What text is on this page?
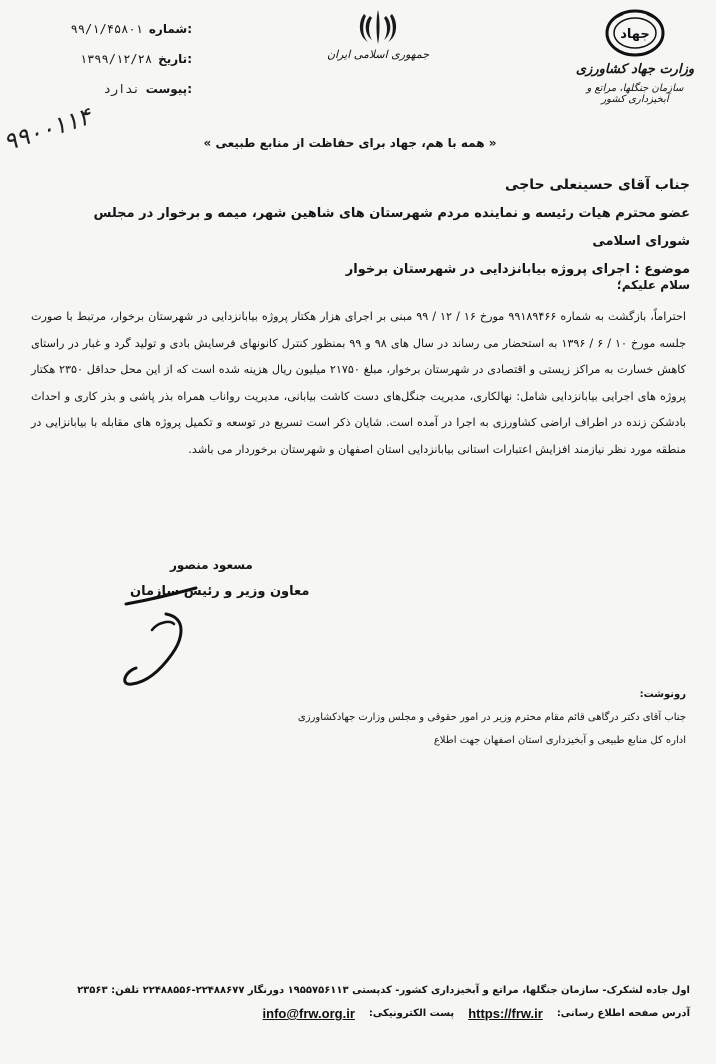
شماره:
۹۹/۱/۴۵۸۰۱
تاریخ:
۱۳۹۹/۱۲/۲۸
پیوست:
ندارد
جمهوری اسلامی ایران
جهاد
وزارت جهاد کشاورزی
سازمان جنگلها، مراتع و آبخیزداری کشور
۹۹۰۰۱۱۴	« همه با هم، جهاد برای حفاظت از منابع طبیعی »
جناب آقای حسینعلی حاجی
عضو محترم هیات رئیسه و نماینده مردم شهرستان های شاهین شهر، میمه و برخوار در مجلس شورای اسلامی
موضوع : اجرای پروژه بیابانزدایی در شهرستان برخوار
سلام علیکم؛
احتراماً، بازگشت به شماره ۹۹۱۸۹۴۶۶ مورخ ۱۶ / ۱۲ / ۹۹ مبنی بر اجرای هزار هکتار پروژه بیابانزدایی در شهرستان برخوار، مرتبط با صورت جلسه مورخ ۱۰ / ۶ / ۱۳۹۶ به استحضار می رساند در سال های ۹۸ و ۹۹ بمنظور کنترل کانونهای فرسایش بادی و تولید گرد و غبار در راستای کاهش خسارت به مراکز زیستی و اقتصادی در شهرستان برخوار، مبلغ ۲۱۷۵۰ میلیون ریال هزینه شده است که از این محل حداقل ۲۳۵۰ هکتار پروژه های اجرایی بیابانزدایی شامل: نهالکاری، مدیریت جنگل‌های دست کاشت بیابانی، مدیریت رواناب همراه بذر پاشی و بذر کاری و احداث بادشکن زنده در اطراف اراضی کشاورزی به اجرا در آمده است. شایان ذکر است تسریع در توسعه و تکمیل پروژه های مقابله با بیابانزایی در منطقه مورد نظر نیازمند افزایش اعتبارات استانی بیابانزدایی استان اصفهان و شهرستان برخوردار می باشد.
مسعود منصور
معاون وزیر و رئیس سازمان
رونوشت:
جناب آقای دکتر درگاهی قائم مقام محترم وزیر در امور حقوقی و مجلس وزارت جهادکشاورزی
اداره کل منابع طبیعی و آبخیزداری استان اصفهان جهت اطلاع
اول جاده لشکرک- سازمان جنگلها، مراتع و آبخیزداری کشور- کدپستی ۱۹۵۵۷۵۶۱۱۳ دورنگار ۲۲۴۸۸۶۷۷-۲۲۴۸۸۵۵۶ تلفن: ۲۳۵۶۳
آدرس صفحه اطلاع رسانی:
https://frw.ir
پست الکترونیکی:
info@frw.org.ir
